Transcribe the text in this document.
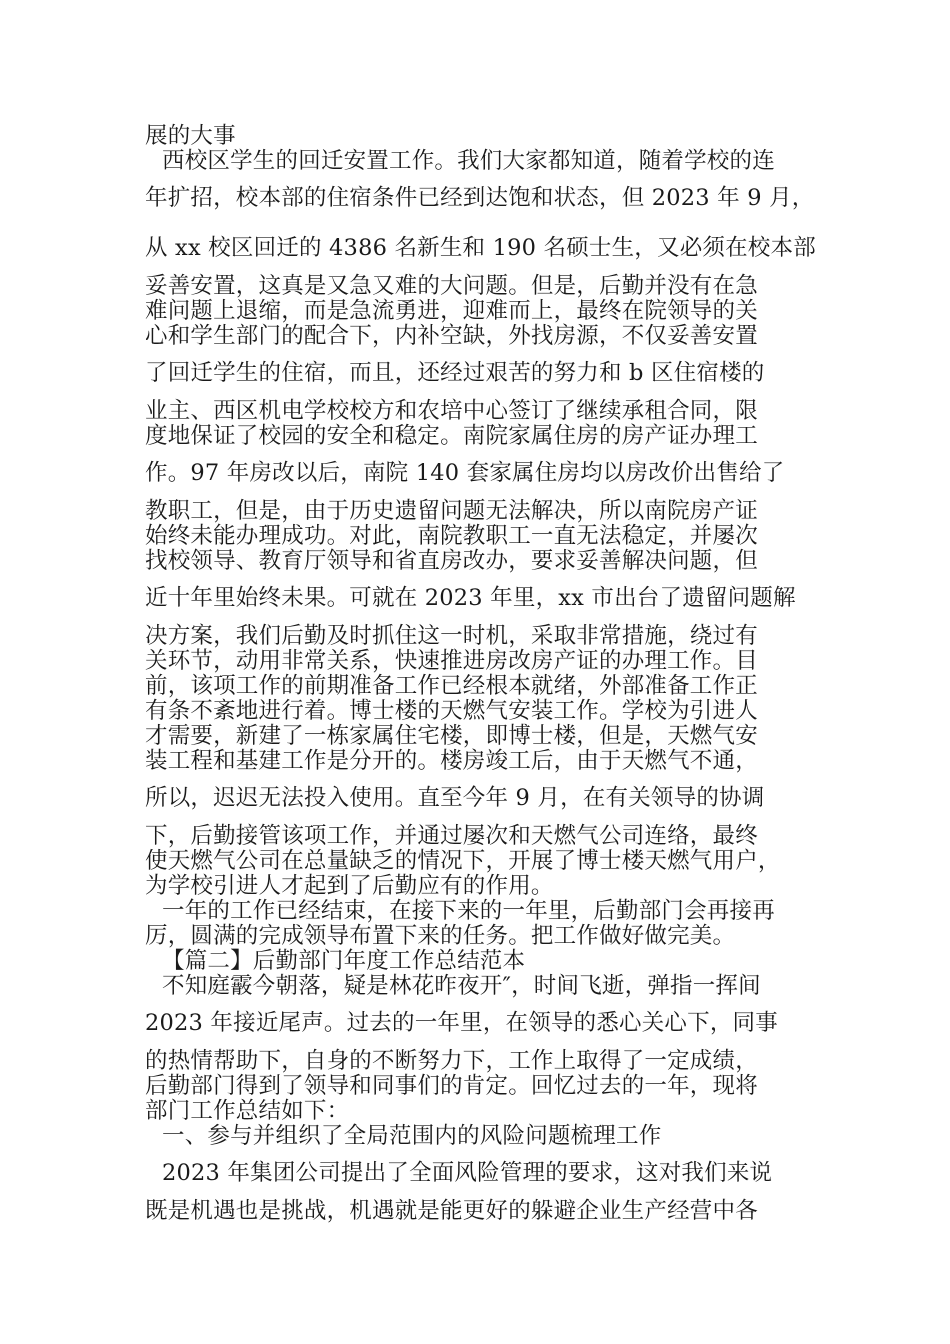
展的大事

西校区学生的回迁安置工作。我们大家都知道，随着学校的连

年扩招，校本部的住宿条件已经到达饱和状态，但 2023 年 9 月，

从 xx 校区回迁的 4386 名新生和 190 名硕士生，又必须在校本部

妥善安置，这真是又急又难的大问题。但是，后勤并没有在急

难问题上退缩，而是急流勇进，迎难而上，最终在院领导的关

心和学生部门的配合下，内补空缺，外找房源，不仅妥善安置

了回迁学生的住宿，而且，还经过艰苦的努力和 b 区住宿楼的

业主、西区机电学校校方和农培中心签订了继续承租合同，限

度地保证了校园的安全和稳定。南院家属住房的房产证办理工

作。97 年房改以后，南院 140 套家属住房均以房改价出售给了

教职工，但是，由于历史遗留问题无法解决，所以南院房产证

始终未能办理成功。对此，南院教职工一直无法稳定，并屡次

找校领导、教育厅领导和省直房改办，要求妥善解决问题，但

近十年里始终未果。可就在 2023 年里，xx 市出台了遗留问题解

决方案，我们后勤及时抓住这一时机，采取非常措施，绕过有

关环节，动用非常关系，快速推进房改房产证的办理工作。目

前，该项工作的前期准备工作已经根本就绪，外部准备工作正

有条不紊地进行着。博士楼的天燃气安装工作。学校为引进人

才需要，新建了一栋家属住宅楼，即博士楼，但是，天燃气安

装工程和基建工作是分开的。楼房竣工后，由于天燃气不通，

所以，迟迟无法投入使用。直至今年 9 月，在有关领导的协调

下，后勤接管该项工作，并通过屡次和天燃气公司连络，最终

使天燃气公司在总量缺乏的情况下，开展了博士楼天燃气用户，

为学校引进人才起到了后勤应有的作用。

一年的工作已经结束，在接下来的一年里，后勤部门会再接再

厉，圆满的完成领导布置下来的任务。把工作做好做完美。

【篇二】后勤部门年度工作总结范本

不知庭霰今朝落，疑是林花昨夜开″，时间飞逝，弹指一挥间

2023 年接近尾声。过去的一年里，在领导的悉心关心下，同事

的热情帮助下，自身的不断努力下，工作上取得了一定成绩，

后勤部门得到了领导和同事们的肯定。回忆过去的一年，现将

部门工作总结如下：

一、参与并组织了全局范围内的风险问题梳理工作

2023 年集团公司提出了全面风险管理的要求，这对我们来说

既是机遇也是挑战，机遇就是能更好的躲避企业生产经营中各
